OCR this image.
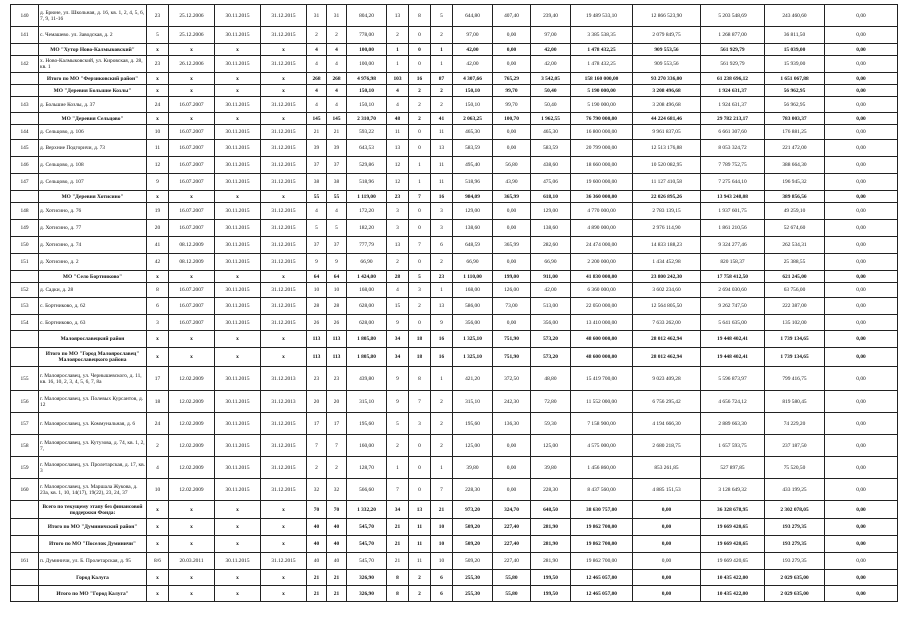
140	д. Брюне, ул. Школьная, д. 16, кв. 1, 2, 4, 5, 6, 7, 9, 11-16	23	25.12.2006	30.11.2015	31.12.2015	31	31	804,20	13	8	5	644,80	407,40	239,40	19 489 533,10	12 866 523,90	5 203 548,69	243 460,60	0,00
141	с. Чемашево. ул. Заводская, д. 2	5	25.12.2006	30.11.2015	31.12.2015	2	2	778,00	2	0	2	97,00	0,00	97,00	3 385 538,35	2 079 849,75	1 268 877,00	36 811,50	0,00
	МО "Хутор Ново-Калмыковский"	x	x	x	x	4	4	100,00	1	0	1	42,00	0,00	42,00	1 478 432,25	909 553,56	561 929,79	15 039,00	0,00
142	х. Ново-Калмыковский, ул. Кировская, д. 28, кв. 1	23	26.12.2006	30.11.2015	31.12.2015	4	4	100,00	1	0	1	42,00	0,00	42,00	1 478 432,25	909 553,56	561 929,79	15 939,00	0,00
	Итого по МО "Ферзиковский район"	x	x	x	x	268	268	4 976,98	103	16	87	4 307,66	765,29	3 542,05	158 160 000,00	93 270 336,00	61 238 696,12	1 651 067,88	0,00
	МО "Деревня Большие Козлы"	x	x	x	x	4	4	150,10	4	2	2	150,10	99,70	50,40	5 190 000,00	3 208 496,68	1 924 631,37	56 962,95	0,00
143	д. Большие Козлы, д. 37	24	16.07.2007	30.11.2015	31.12.2015	4	4	150,10	4	2	2	150,10	99,70	50,40	5 190 000,00	3 208 496,68	1 924 631,37	56 962,95	0,00
	МО "Деревня Сельцово"	x	x	x	x	145	145	2 310,70	48	2	41	2 063,25	100,70	1 962,55	76 790 000,00	44 224 681,46	29 782 213,17	783 003,37	0,00
144	д. Сельцово, д. 106	10	16.07.2007	30.11.2015	31.12.2015	21	21	593,22	11	0	11	465,30	0,00	465,30	16 800 000,00	9 961 837,05	6 661 307,60	176 881,25	0,00
145	д. Верхние Подгоричи, д. 73	11	16.07.2007	30.11.2015	31.12.2015	39	39	643,53	13	0	13	583,59	0,00	583,59	20 799 000,00	12 513 176,88	8 053 324,72	221 472,00	0,00
146	д. Сельцово, д. 108	12	16.07.2007	30.11.2015	31.12.2015	37	37	529,86	12	1	11	495,40	56,80	438,60	18 660 000,00	10 520 082,95	7 789 752,75	388 664,30	0,00
147	д. Сельцово, д. 107	9	16.07.2007	30.11.2015	31.12.2015	38	38	518,96	12	1	11	518,96	43,90	475,06	19 600 000,00	11 127 410,58	7 275 644,10	196 945,32	0,00
	МО "Деревня Хотисино"	x	x	x	x	55	55	1 119,00	23	7	16	984,09	365,99	618,10	36 360 000,00	22 026 895,26	13 943 248,08	389 856,56	0,00
148	д. Хотисино, д. 76	19	16.07.2007	30.11.2015	31.12.2015	4	4	172,20	3	0	3	129,00	0,00	129,00	4 770 000,00	2 783 139,15	1 937 601,75	49 259,10	0,00
149	д. Хотисино, д. 77	20	16.07.2007	30.11.2015	31.12.2015	5	5	182,20	3	0	3	138,60	0,00	138,60	4 890 000,00	2 976 114,90	1 861 210,56	52 674,60	0,00
150	д. Хотисино, д. 74	41	08.12.2009	30.11.2015	31.12.2015	37	37	777,79	13	7	6	648,59	365,99	282,60	24 474 000,00	14 833 188,23	9 324 277,46	262 534,31	0,00
151	д. Хотисино, д. 2	42	08.12.2009	30.11.2015	31.12.2015	9	9	66,90	2	0	2	66,90	0,00	66,90	2 200 000,00	1 434 452,98	820 158,37	25 388,55	0,00
	МО "Село Бортниково"	x	x	x	x	64	64	1 424,00	28	5	23	1 110,00	199,00	911,00	41 830 000,00	23 800 242,30	17 758 412,50	621 245,00	0,00
152	д. Садки, д. 28	8	16.07.2007	30.11.2015	31.12.2015	10	10	168,00	4	3	1	168,00	126,00	42,00	6 360 000,00	3 602 234,60	2 694 030,60	63 756,00	0,00
153	с. Бортниково, д. 62	6	16.07.2007	30.11.2015	31.12.2015	28	28	628,00	15	2	13	586,00	73,00	513,00	22 050 000,00	12 564 805,50	9 262 747,50	222 387,00	0,00
154	с. Бортниково, д. 63	3	16.07.2007	30.11.2015	31.12.2015	26	26	628,00	9	0	9	356,00	0,00	356,00	13 410 000,00	7 633 262,00	5 641 635,00	135 102,00	0,00
	Малоярославецкий район	x	x	x	x	113	113	1 805,80	34	18	16	1 325,10	751,90	573,20	48 600 000,00	28 012 462,94	19 448 402,41	1 739 134,65	0,00
	Итого по МО "Город Малоярославец" Малоярославецкого района	x	x	x	x	113	113	1 805,80	34	18	16	1 325,10	751,90	573,20	48 600 000,00	28 012 462,94	19 448 402,41	1 739 134,65	0,00
155	г. Малоярославец, ул. Чернышевского, д. 11, кв. 16, 10, 2, 3, 4, 5, 6, 7, 8а	17	12.02.2009	30.11.2015	31.12.2013	23	23	439,80	9	8	1	421,20	372,50	48,80	15 419 700,00	9 023 409,28	5 596 873,97	799 416,75	0,00
156	г. Малоярославец, ул. Полевых Курсантов, д. 12	18	12.02.2009	30.11.2015	31.12.2013	20	20	315,10	9	7	2	315,10	242,30	72,80	11 552 000,00	6 756 295,42	4 656 724,12	819 580,45	0,00
157	г. Малоярославец, ул. Коммунальная, д. 6	24	12.02.2009	30.11.2015	31.12.2015	17	17	195,60	5	3	2	195,60	136,30	59,30	7 158 900,00	4 194 666,30	2 889 663,30	74 229,20	0,00
158	г. Малоярославец, ул. Кутузова, д. 74, кв. 1, 2, 7,	2	12.02.2009	30.11.2015	31.12.2015	7	7	160,00	2	0	2	125,00	0,00	125,00	4 575 000,00	2 680 218,75	1 657 593,75	237 187,50	0,00
159	г. Малоярославец, ул. Пролетарская, д. 17, кв. 3	4	12.02.2009	30.11.2015	31.12.2015	2	2	128,70	1	0	1	39,80	0,00	39,80	1 456 860,00	853 261,85	527 897,85	75 520,50	0,00
160	г. Малоярославец, ул. Маршала Жукова, д. 23а, кв. 1, 10, 14(17), 19(22), 23, 24, 37	10	12.02.2009	30.11.2015	31.12.2015	32	32	566,60	7	0	7	228,30	0,00	228,30	8 437 560,00	4 885 151,53	3 128 649,32	433 199,25	0,00
	Всего по текущему этапу без финансовой поддержки Фонда:	x	x	x	x	70	70	1 332,20	34	13	21	973,20	324,70	648,50	38 630 757,00	0,00	36 328 678,95	2 302 078,05	0,00
	Итого по МО "Думиничский район"	x	x	x	x	40	40	545,70	21	11	10	509,20	227,40	281,90	19 862 700,00	0,00	19 669 420,65	193 279,35	0,00
	Итого по МО "Поселок Думиничи"	x	x	x	x	40	40	545,70	21	11	10	509,20	227,40	281,90	19 862 700,00	0,00	19 669 420,65	193 279,35	0,00
161	п. Думиничи, ул. Б. Пролетарская, д. 95	8/6	20.03.2011	30.11.2015	31.12.2015	40	40	545,70	21	11	10	509,20	227,40	281,90	19 862 700,00	0,00	19 669 420,65	193 279,35	0,00
	Город Калуга	x	x	x	x	21	21	326,90	8	2	6	255,30	55,80	199,50	12 465 057,00	0,00	10 435 422,00	2 029 635,00	0,00
	Итого по МО "Город Калуга"	x	x	x	x	21	21	326,90	8	2	6	255,30	55,80	199,50	12 465 057,00	0,00	10 435 422,00	2 029 635,00	0,00
